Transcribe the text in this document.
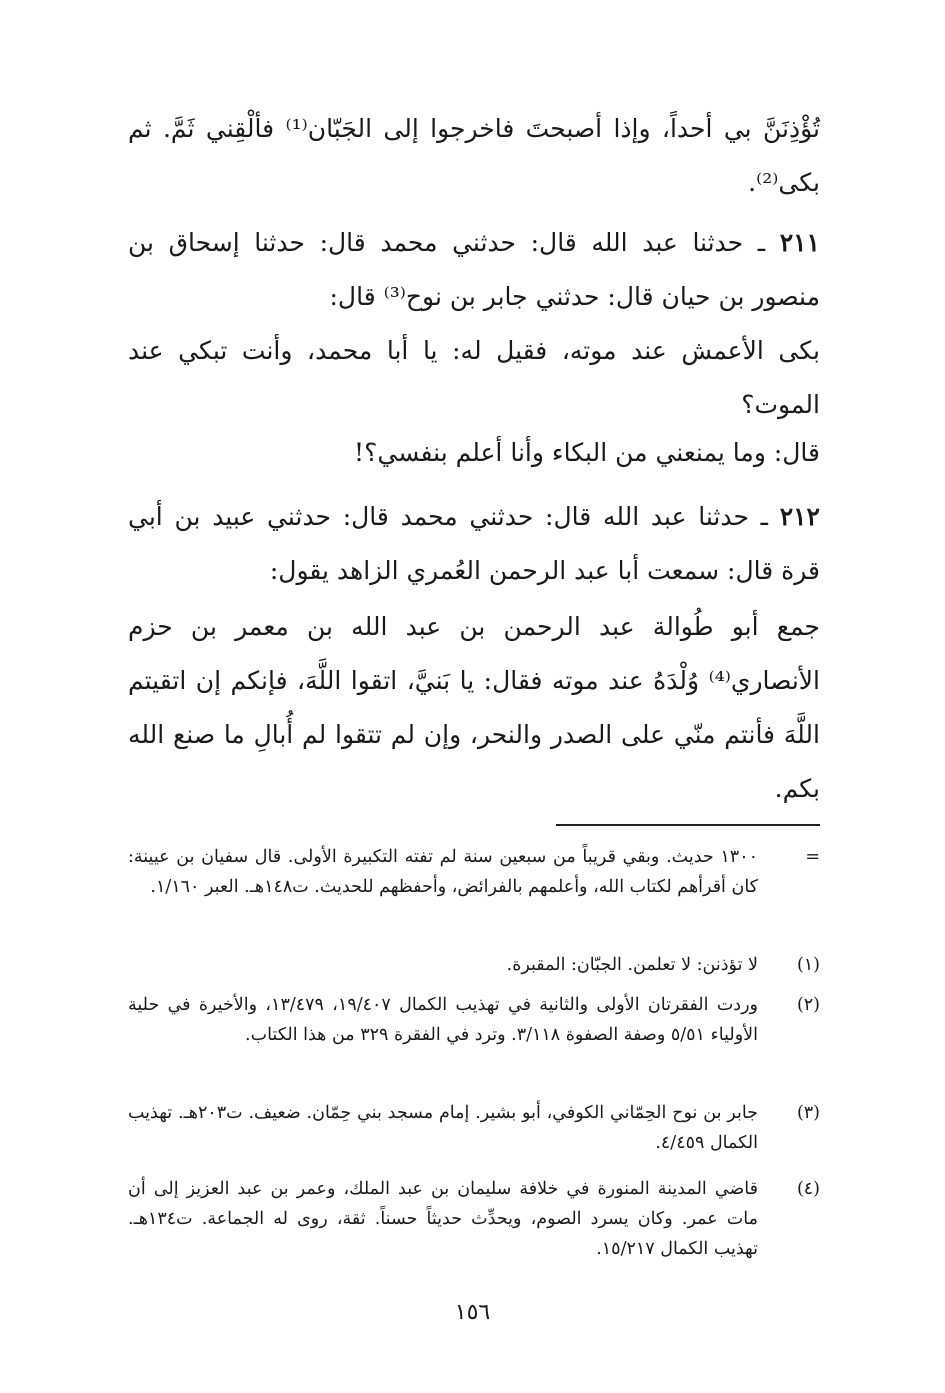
تُؤْذِنَنَّ بي أحداً، وإذا أصبحتَ فاخرجوا إلى الجَبّان⁽¹⁾ فألْقِني ثَمَّ. ثم بكى⁽²⁾.

٢١١ ـ حدثنا عبد الله قال: حدثني محمد قال: حدثنا إسحاق بن منصور بن حيان قال: حدثني جابر بن نوح⁽³⁾ قال:

بكى الأعمش عند موته، فقيل له: يا أبا محمد، وأنت تبكي عند الموت؟

قال: وما يمنعني من البكاء وأنا أعلم بنفسي؟!

٢١٢ ـ حدثنا عبد الله قال: حدثني محمد قال: حدثني عبيد بن أبي قرة قال: سمعت أبا عبد الرحمن العُمري الزاهد يقول:

جمع أبو طُوالة عبد الرحمن بن عبد الله بن معمر بن حزم الأنصاري⁽⁴⁾ وُلْدَهُ عند موته فقال: يا بَنيَّ، اتقوا اللَّهَ، فإنكم إن اتقيتم اللَّهَ فأنتم منّي على الصدر والنحر، وإن لم تتقوا لم أُبالِ ما صنع الله بكم.

=
١٣٠٠ حديث. وبقي قريباً من سبعين سنة لم تفته التكبيرة الأولى. قال سفيان بن عيينة: كان أقرأهم لكتاب الله، وأعلمهم بالفرائض، وأحفظهم للحديث. ت١٤٨هـ. العبر ١/١٦٠.
(١)
لا تؤذنن: لا تعلمن. الجبّان: المقبرة.
(٢)
وردت الفقرتان الأولى والثانية في تهذيب الكمال ١٩/٤٠٧، ١٣/٤٧٩، والأخيرة في حلية الأولياء ٥/٥١ وصفة الصفوة ٣/١١٨. وترد في الفقرة ٣٢٩ من هذا الكتاب.
(٣)
جابر بن نوح الحِمّاني الكوفي، أبو بشير. إمام مسجد بني حِمّان. ضعيف. ت٢٠٣هـ. تهذيب الكمال ٤/٤٥٩.
(٤)
قاضي المدينة المنورة في خلافة سليمان بن عبد الملك، وعمر بن عبد العزيز إلى أن مات عمر. وكان يسرد الصوم، ويحدِّث حديثاً حسناً. ثقة، روى له الجماعة. ت١٣٤هـ. تهذيب الكمال ١٥/٢١٧.
١٥٦
